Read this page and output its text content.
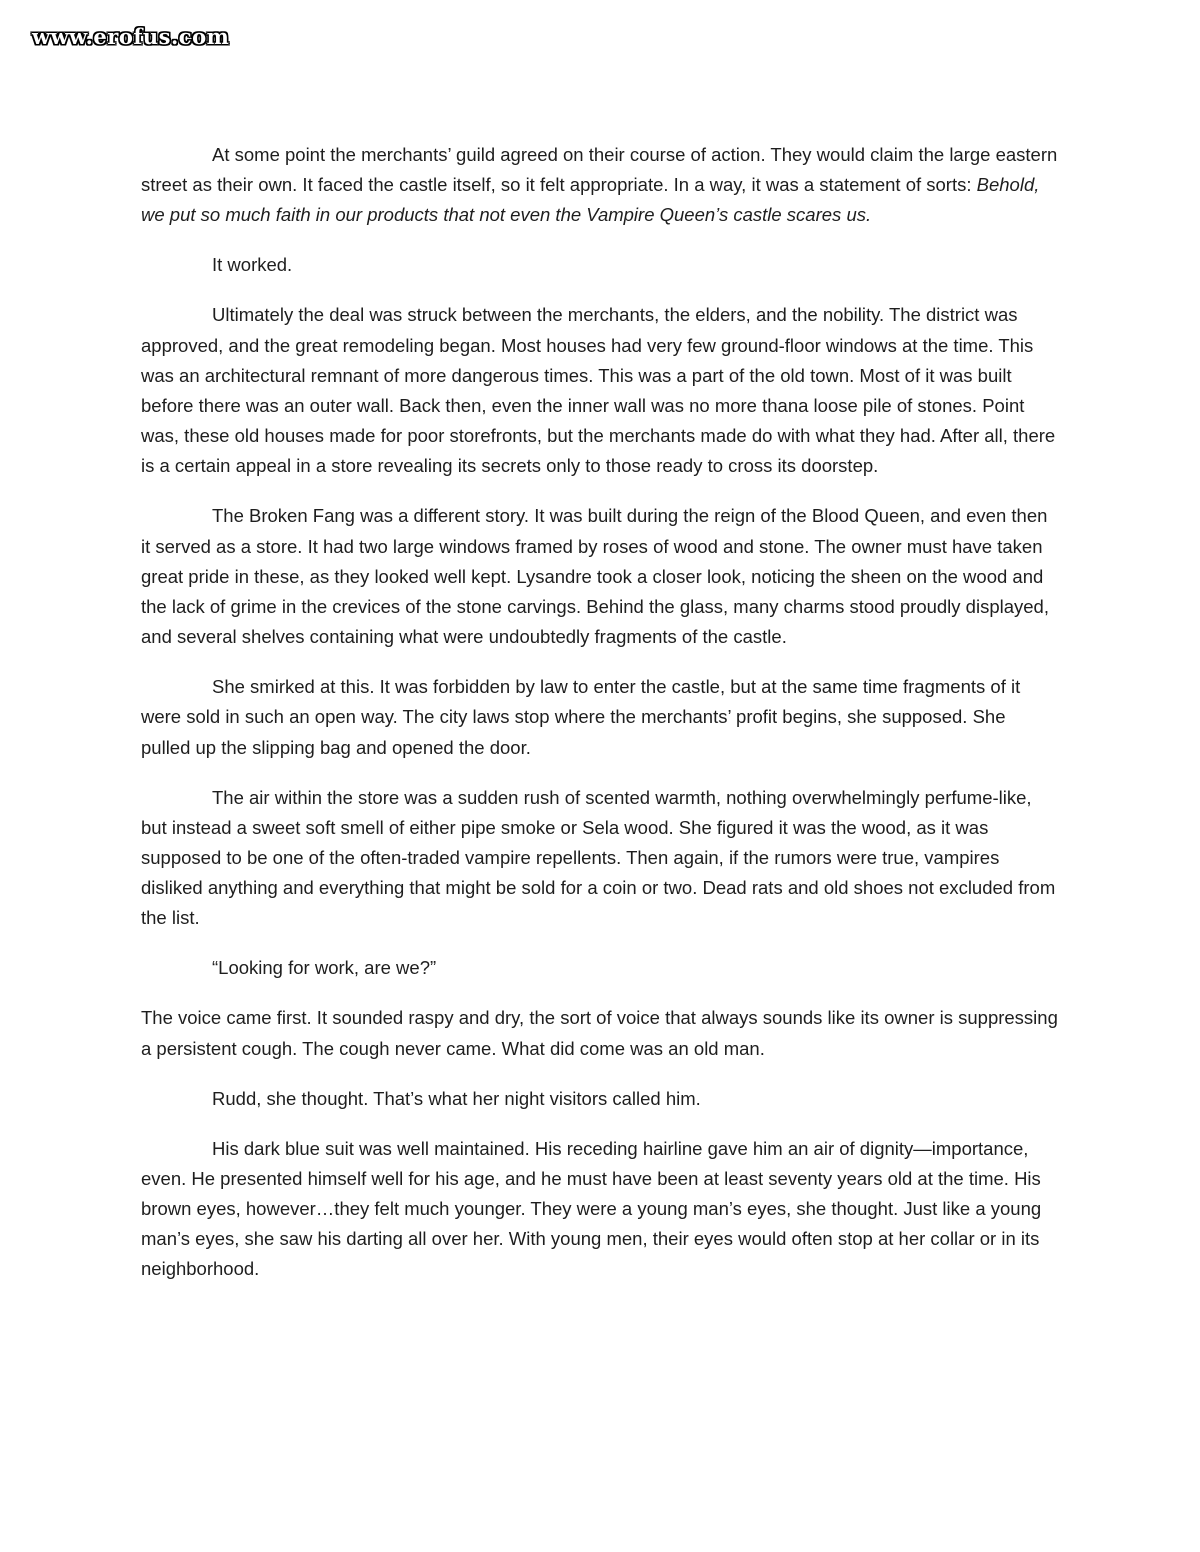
www.erofus.com

At some point the merchants’ guild agreed on their course of action. They would claim the large eastern street as their own. It faced the castle itself, so it felt appropriate. In a way, it was a statement of sorts: Behold, we put so much faith in our products that not even the Vampire Queen’s castle scares us.

It worked.

Ultimately the deal was struck between the merchants, the elders, and the nobility. The district was approved, and the great remodeling began. Most houses had very few ground-floor windows at the time. This was an architectural remnant of more dangerous times. This was a part of the old town. Most of it was built before there was an outer wall. Back then, even the inner wall was no more thana loose pile of stones. Point was, these old houses made for poor storefronts, but the merchants made do with what they had. After all, there is a certain appeal in a store revealing its secrets only to those ready to cross its doorstep.

The Broken Fang was a different story. It was built during the reign of the Blood Queen, and even then it served as a store. It had two large windows framed by roses of wood and stone. The owner must have taken great pride in these, as they looked well kept. Lysandre took a closer look, noticing the sheen on the wood and the lack of grime in the crevices of the stone carvings. Behind the glass, many charms stood proudly displayed, and several shelves containing what were undoubtedly fragments of the castle.

She smirked at this. It was forbidden by law to enter the castle, but at the same time fragments of it were sold in such an open way. The city laws stop where the merchants’ profit begins, she supposed. She pulled up the slipping bag and opened the door.

The air within the store was a sudden rush of scented warmth, nothing overwhelmingly perfume-like, but instead a sweet soft smell of either pipe smoke or Sela wood. She figured it was the wood, as it was supposed to be one of the often-traded vampire repellents. Then again, if the rumors were true, vampires disliked anything and everything that might be sold for a coin or two. Dead rats and old shoes not excluded from the list.

“Looking for work, are we?”

The voice came first. It sounded raspy and dry, the sort of voice that always sounds like its owner is suppressing a persistent cough. The cough never came. What did come was an old man.

Rudd, she thought. That’s what her night visitors called him.

His dark blue suit was well maintained. His receding hairline gave him an air of dignity—importance, even. He presented himself well for his age, and he must have been at least seventy years old at the time. His brown eyes, however…they felt much younger. They were a young man’s eyes, she thought. Just like a young man’s eyes, she saw his darting all over her. With young men, their eyes would often stop at her collar or in its neighborhood.
